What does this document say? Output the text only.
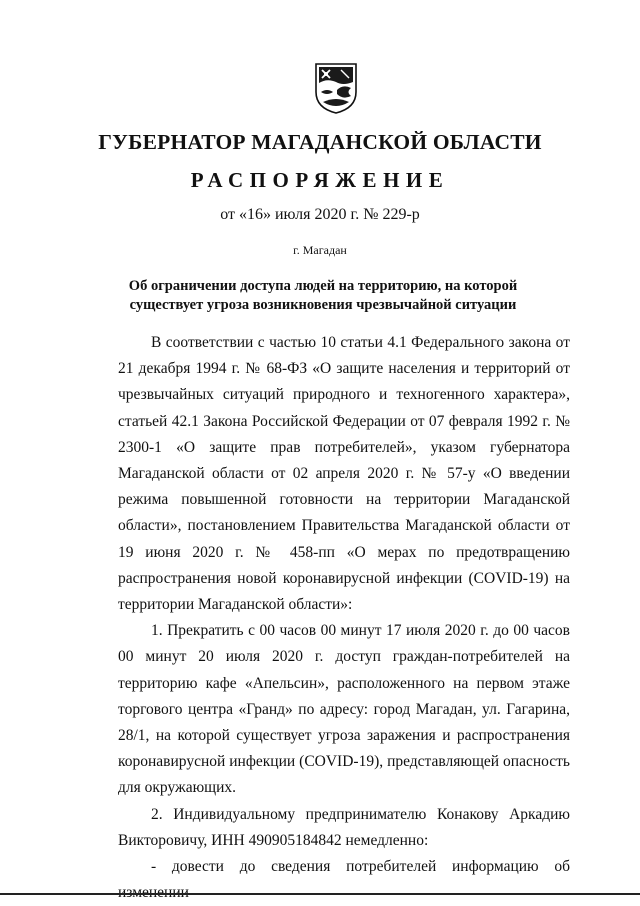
ГУБЕРНАТОР МАГАДАНСКОЙ ОБЛАСТИ
РАСПОРЯЖЕНИЕ
от «16» июля 2020 г. № 229-р
г. Магадан
Об ограничении доступа людей на территорию, на которой существует угроза возникновения чрезвычайной ситуации

В соответствии с частью 10 статьи 4.1 Федерального закона от 21 декабря 1994 г. № 68-ФЗ «О защите населения и территорий от чрезвычайных ситуаций природного и техногенного характера», статьей 42.1 Закона Российской Федерации от 07 февраля 1992 г. № 2300-1 «О защите прав потребителей», указом губернатора Магаданской области от 02 апреля 2020 г. № 57-у «О введении режима повышенной готовности на территории Магаданской области», постановлением Правительства Магаданской области от 19 июня 2020 г. № 458-пп «О мерах по предотвращению распространения новой коронавирусной инфекции (COVID-19) на территории Магаданской области»:

1. Прекратить с 00 часов 00 минут 17 июля 2020 г. до 00 часов 00 минут 20 июля 2020 г. доступ граждан-потребителей на территорию кафе «Апельсин», расположенного на первом этаже торгового центра «Гранд» по адресу: город Магадан, ул. Гагарина, 28/1, на которой существует угроза заражения и распространения коронавирусной инфекции (COVID-19), представляющей опасность для окружающих.

2. Индивидуальному предпринимателю Конакову Аркадию Викторовичу, ИНН 490905184842 немедленно:

- довести до сведения потребителей информацию об
